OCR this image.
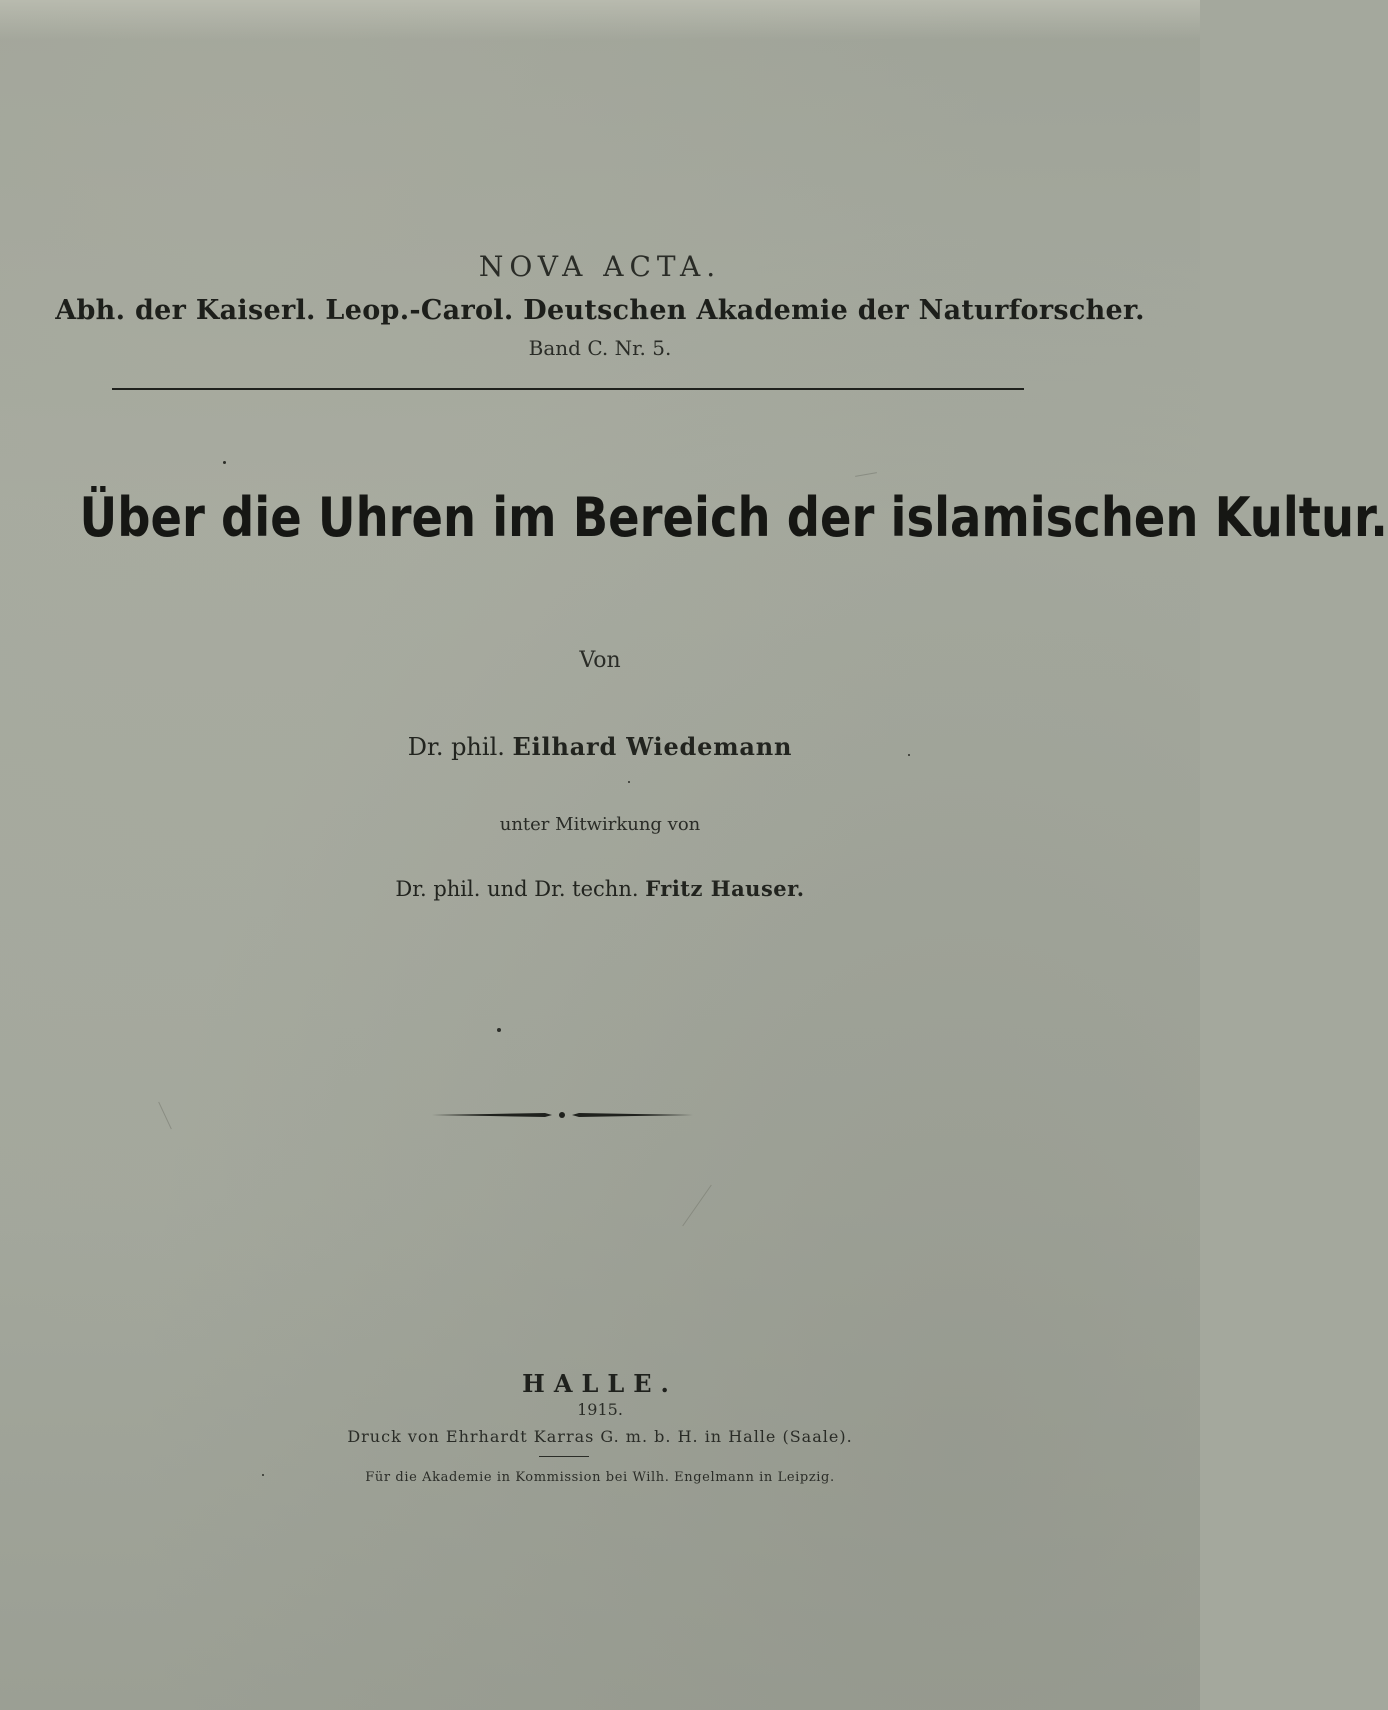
NOVA ACTA.
Abh. der Kaiserl. Leop.-Carol. Deutschen Akademie der Naturforscher.
Band C. Nr. 5.
Über die Uhren im Bereich der islamischen Kultur.
Von
Dr. phil. Eilhard Wiedemann
unter Mitwirkung von
Dr. phil. und Dr. techn. Fritz Hauser.
HALLE.
1915.
Druck von Ehrhardt Karras G. m. b. H. in Halle (Saale).
Für die Akademie in Kommission bei Wilh. Engelmann in Leipzig.
